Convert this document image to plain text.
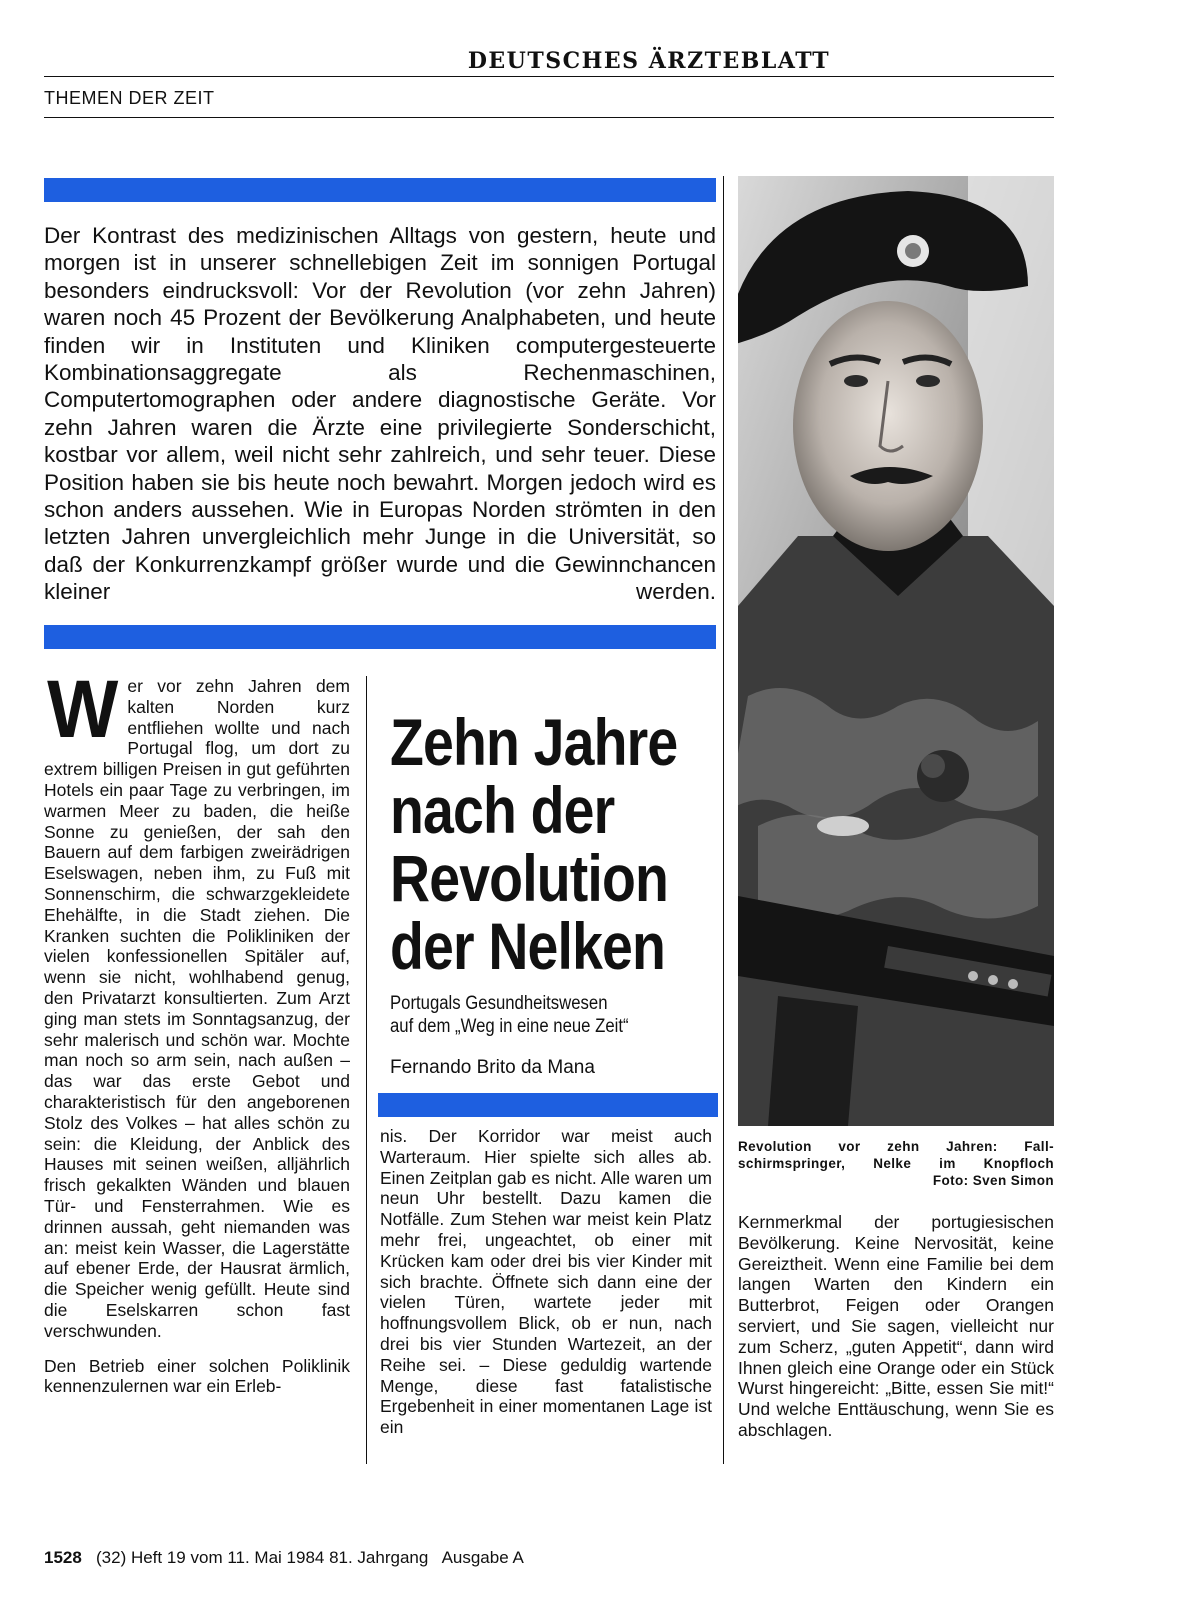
DEUTSCHES ÄRZTEBLATT
THEMEN DER ZEIT
Der Kontrast des medizinischen Alltags von gestern, heute und morgen ist in unserer schnellebigen Zeit im sonnigen Portugal besonders eindrucksvoll: Vor der Revolution (vor zehn Jahren) waren noch 45 Prozent der Bevölkerung Analphabeten, und heute finden wir in Instituten und Kliniken computergesteuerte Kombinationsaggregate als Rechenmaschinen, Computertomographen oder andere diagnostische Geräte. Vor zehn Jahren waren die Ärzte eine privilegierte Sonderschicht, kostbar vor allem, weil nicht sehr zahlreich, und sehr teuer. Diese Position haben sie bis heute noch bewahrt. Morgen jedoch wird es schon anders aussehen. Wie in Europas Norden strömten in den letzten Jahren unvergleichlich mehr Junge in die Universität, so daß der Konkurrenzkampf größer wurde und die Gewinnchancen kleiner werden.

Wer vor zehn Jahren dem kalten Norden kurz entfliehen wollte und nach Portugal flog, um dort zu extrem billigen Preisen in gut geführten Hotels ein paar Tage zu verbringen, im warmen Meer zu baden, die heiße Sonne zu genießen, der sah den Bauern auf dem farbigen zweirädrigen Eselswagen, neben ihm, zu Fuß mit Sonnenschirm, die schwarzgekleidete Ehehälfte, in die Stadt ziehen. Die Kranken suchten die Polikliniken der vielen konfessionellen Spitäler auf, wenn sie nicht, wohlhabend genug, den Privatarzt konsultierten. Zum Arzt ging man stets im Sonntagsanzug, der sehr malerisch und schön war. Mochte man noch so arm sein, nach außen – das war das erste Gebot und charakteristisch für den angeborenen Stolz des Volkes – hat alles schön zu sein: die Kleidung, der Anblick des Hauses mit seinen weißen, alljährlich frisch gekalkten Wänden und blauen Tür- und Fensterrahmen. Wie es drinnen aussah, geht niemanden was an: meist kein Wasser, die Lagerstätte auf ebener Erde, der Hausrat ärmlich, die Speicher wenig gefüllt. Heute sind die Eselskarren schon fast verschwunden.

Den Betrieb einer solchen Poliklinik kennenzulernen war ein Erleb-

Zehn Jahre
nach der
Revolution
der Nelken
Portugals Gesundheitswesen
auf dem „Weg in eine neue Zeit“
Fernando Brito da Mana

nis. Der Korridor war meist auch Warteraum. Hier spielte sich alles ab. Einen Zeitplan gab es nicht. Alle waren um neun Uhr bestellt. Dazu kamen die Notfälle. Zum Stehen war meist kein Platz mehr frei, ungeachtet, ob einer mit Krücken kam oder drei bis vier Kinder mit sich brachte. Öffnete sich dann eine der vielen Türen, wartete jeder mit hoffnungsvollem Blick, ob er nun, nach drei bis vier Stunden Wartezeit, an der Reihe sei. – Diese geduldig wartende Menge, diese fast fatalistische Ergebenheit in einer momentanen Lage ist ein

Revolution vor zehn Jahren: Fall-
schirmspringer, Nelke im Knopfloch
Foto: Sven Simon

Kernmerkmal der portugiesischen Bevölkerung. Keine Nervosität, keine Gereiztheit. Wenn eine Familie bei dem langen Warten den Kindern ein Butterbrot, Feigen oder Orangen serviert, und Sie sagen, vielleicht nur zum Scherz, „guten Appetit“, dann wird Ihnen gleich eine Orange oder ein Stück Wurst hingereicht: „Bitte, essen Sie mit!“ Und welche Enttäuschung, wenn Sie es abschlagen.

1528 (32) Heft 19 vom 11. Mai 1984 81. Jahrgang Ausgabe A
